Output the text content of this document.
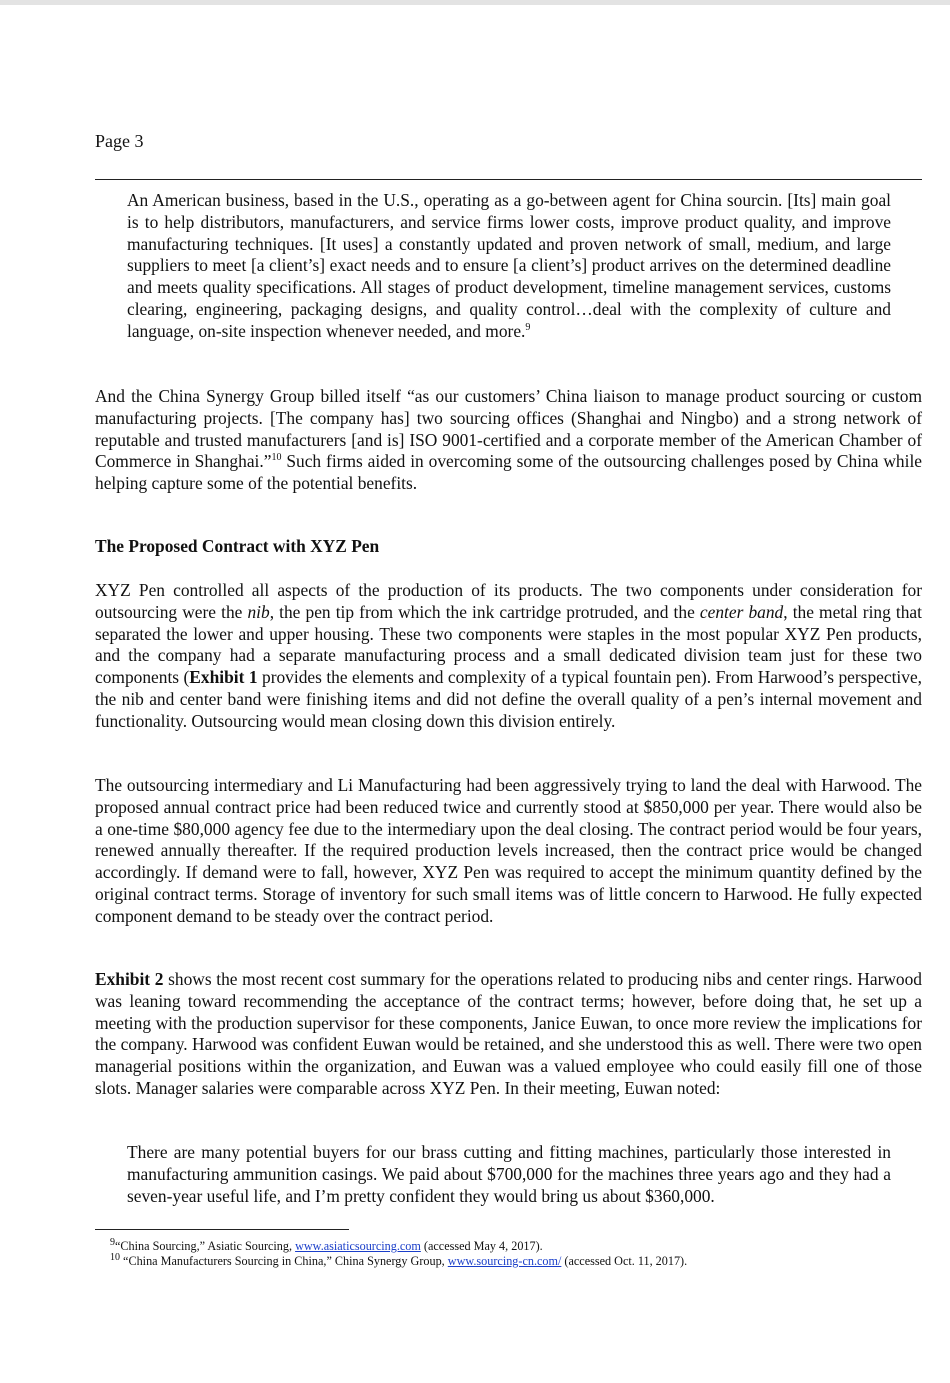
Page 3

An American business, based in the U.S., operating as a go-between agent for China sourcin. [Its] main goal is to help distributors, manufacturers, and service firms lower costs, improve product quality, and improve manufacturing techniques. [It uses] a constantly updated and proven network of small, medium, and large suppliers to meet [a client’s] exact needs and to ensure [a client’s] product arrives on the determined deadline and meets quality specifications. All stages of product development, timeline management services, customs clearing, engineering, packaging designs, and quality control…deal with the complexity of culture and language, on-site inspection whenever needed, and more.$^9$

And the China Synergy Group billed itself “as our customers’ China liaison to manage product sourcing or custom manufacturing projects. [The company has] two sourcing offices (Shanghai and Ningbo) and a strong network of reputable and trusted manufacturers [and is] ISO 9001-certified and a corporate member of the American Chamber of Commerce in Shanghai.”$^{10}$ Such firms aided in overcoming some of the outsourcing challenges posed by China while helping capture some of the potential benefits.

The Proposed Contract with XYZ Pen

XYZ Pen controlled all aspects of the production of its products. The two components under consideration for outsourcing were the nib, the pen tip from which the ink cartridge protruded, and the center band, the metal ring that separated the lower and upper housing. These two components were staples in the most popular XYZ Pen products, and the company had a separate manufacturing process and a small dedicated division team just for these two components (Exhibit 1 provides the elements and complexity of a typical fountain pen). From Harwood’s perspective, the nib and center band were finishing items and did not define the overall quality of a pen’s internal movement and functionality. Outsourcing would mean closing down this division entirely.

The outsourcing intermediary and Li Manufacturing had been aggressively trying to land the deal with Harwood. The proposed annual contract price had been reduced twice and currently stood at $850,000 per year. There would also be a one-time $80,000 agency fee due to the intermediary upon the deal closing. The contract period would be four years, renewed annually thereafter. If the required production levels increased, then the contract price would be changed accordingly. If demand were to fall, however, XYZ Pen was required to accept the minimum quantity defined by the original contract terms. Storage of inventory for such small items was of little concern to Harwood. He fully expected component demand to be steady over the contract period.

Exhibit 2 shows the most recent cost summary for the operations related to producing nibs and center rings. Harwood was leaning toward recommending the acceptance of the contract terms; however, before doing that, he set up a meeting with the production supervisor for these components, Janice Euwan, to once more review the implications for the company. Harwood was confident Euwan would be retained, and she understood this as well. There were two open managerial positions within the organization, and Euwan was a valued employee who could easily fill one of those slots. Manager salaries were comparable across XYZ Pen. In their meeting, Euwan noted:

There are many potential buyers for our brass cutting and fitting machines, particularly those interested in manufacturing ammunition casings. We paid about $700,000 for the machines three years ago and they had a seven-year useful life, and I’m pretty confident they would bring us about $360,000.

$^9$“China Sourcing,” Asiatic Sourcing, www.asiaticsourcing.com (accessed May 4, 2017).

$^{10}$ “China Manufacturers Sourcing in China,” China Synergy Group, www.sourcing-cn.com/ (accessed Oct. 11, 2017).
